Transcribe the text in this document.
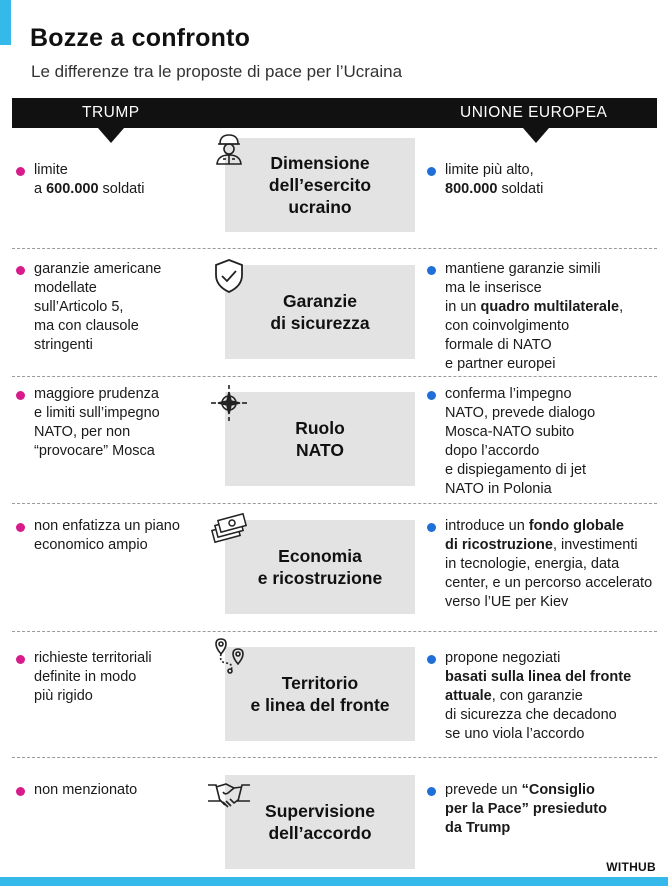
Bozze a confronto
Le differenze tra le proposte di pace per l’Ucraina
TRUMP	UNIONE EUROPEA
Dimensione
dell’esercito
ucraino
limite
a 600.000 soldati
limite più alto,
800.000 soldati
Garanzie
di sicurezza
garanzie americane
modellate
sull’Articolo 5,
ma con clausole
stringenti
mantiene garanzie simili
ma le inserisce
in un quadro multilaterale,
con coinvolgimento
formale di NATO
e partner europei
Ruolo
NATO
maggiore prudenza
e limiti sull’impegno
NATO, per non
“provocare” Mosca
conferma l’impegno
NATO, prevede dialogo
Mosca-NATO subito
dopo l’accordo
e dispiegamento di jet
NATO in Polonia
Economia
e ricostruzione
non enfatizza un piano
economico ampio
introduce un fondo globale
di ricostruzione, investimenti
in tecnologie, energia, data
center, e un percorso accelerato
verso l’UE per Kiev
Territorio
e linea del fronte
richieste territoriali
definite in modo
più rigido
propone negoziati
basati sulla linea del fronte
attuale, con garanzie
di sicurezza che decadono
se uno viola l’accordo
Supervisione
dell’accordo
non menzionato	prevede un “Consiglio
per la Pace” presieduto
da Trump
WITHUB
